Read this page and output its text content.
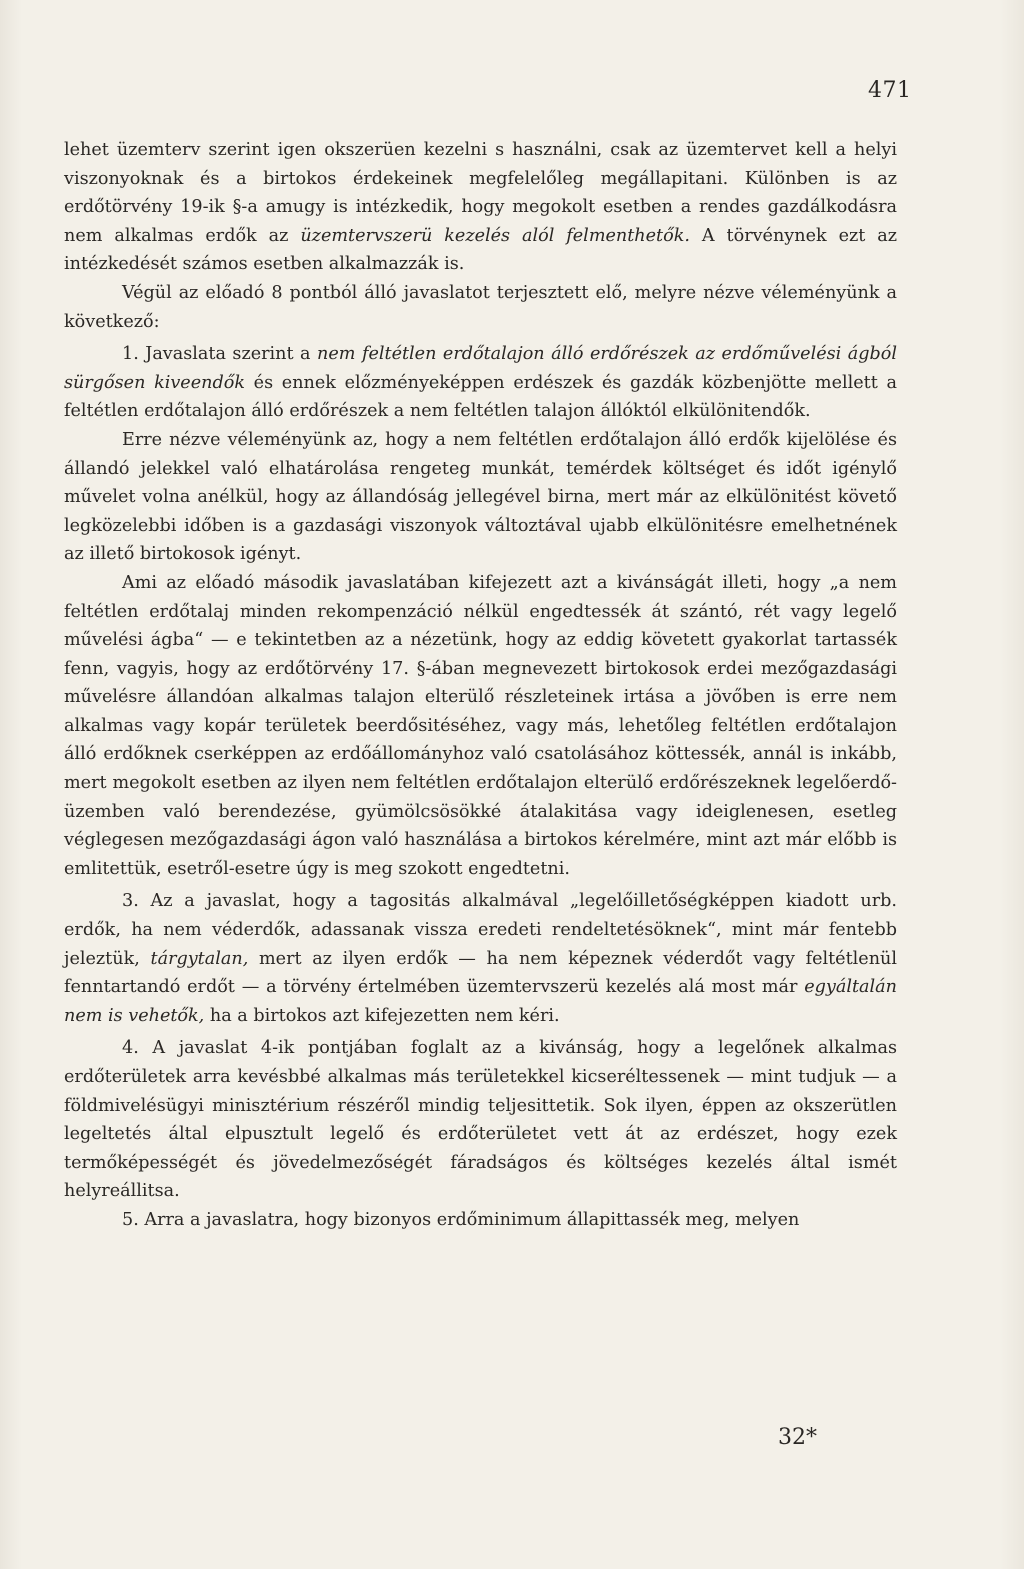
471

lehet üzemterv szerint igen okszerüen kezelni s használni, csak az üzemtervet kell a helyi viszonyoknak és a birtokos érdekeinek megfelelőleg megállapitani. Különben is az erdőtörvény 19-ik §-a amugy is intézkedik, hogy megokolt esetben a rendes gazdálkodásra nem alkalmas erdők az üzemtervszerü kezelés alól felmenthetők. A törvénynek ezt az intézkedését számos esetben alkalmazzák is.

Végül az előadó 8 pontból álló javaslatot terjesztett elő, melyre nézve véleményünk a következő:

1. Javaslata szerint a nem feltétlen erdőtalajon álló erdőrészek az erdőművelési ágból sürgősen kiveendők és ennek előzményeképpen erdészek és gazdák közbenjötte mellett a feltétlen erdőtalajon álló erdőrészek a nem feltétlen talajon állóktól elkülönitendők.

Erre nézve véleményünk az, hogy a nem feltétlen erdőtalajon álló erdők kijelölése és állandó jelekkel való elhatárolása rengeteg munkát, temérdek költséget és időt igénylő művelet volna anélkül, hogy az állandóság jellegével birna, mert már az elkülönitést követő legközelebbi időben is a gazdasági viszonyok változtával ujabb elkülönitésre emelhetnének az illető birtokosok igényt.

Ami az előadó második javaslatában kifejezett azt a kivánságát illeti, hogy „a nem feltétlen erdőtalaj minden rekompenzáció nélkül engedtessék át szántó, rét vagy legelő művelési ágba“ — e tekintetben az a nézetünk, hogy az eddig követett gyakorlat tartassék fenn, vagyis, hogy az erdőtörvény 17. §-ában megnevezett birtokosok erdei mezőgazdasági művelésre állandóan alkalmas talajon elterülő részleteinek irtása a jövőben is erre nem alkalmas vagy kopár területek beerdősitéséhez, vagy más, lehetőleg feltétlen erdőtalajon álló erdőknek cserképpen az erdőállományhoz való csatolásához köttessék, annál is inkább, mert megokolt esetben az ilyen nem feltétlen erdőtalajon elterülő erdőrészeknek legelőerdő-üzemben való berendezése, gyümölcsösökké átalakitása vagy ideiglenesen, esetleg véglegesen mezőgazdasági ágon való használása a birtokos kérelmére, mint azt már előbb is emlitettük, esetről-esetre úgy is meg szokott engedtetni.

3. Az a javaslat, hogy a tagositás alkalmával „legelőilletőségképpen kiadott urb. erdők, ha nem véderdők, adassanak vissza eredeti rendeltetésöknek“, mint már fentebb jeleztük, tárgytalan, mert az ilyen erdők — ha nem képeznek véderdőt vagy feltétlenül fenntartandó erdőt — a törvény értelmében üzemtervszerü kezelés alá most már egyáltalán nem is vehetők, ha a birtokos azt kifejezetten nem kéri.

4. A javaslat 4-ik pontjában foglalt az a kivánság, hogy a legelőnek alkalmas erdőterületek arra kevésbbé alkalmas más területekkel kicseréltessenek — mint tudjuk — a földmivelésügyi minisztérium részéről mindig teljesittetik. Sok ilyen, éppen az okszerütlen legeltetés által elpusztult legelő és erdőterületet vett át az erdészet, hogy ezek termőképességét és jövedelmezőségét fáradságos és költséges kezelés által ismét helyreállitsa.

5. Arra a javaslatra, hogy bizonyos erdőminimum állapittassék meg, melyen

32*
